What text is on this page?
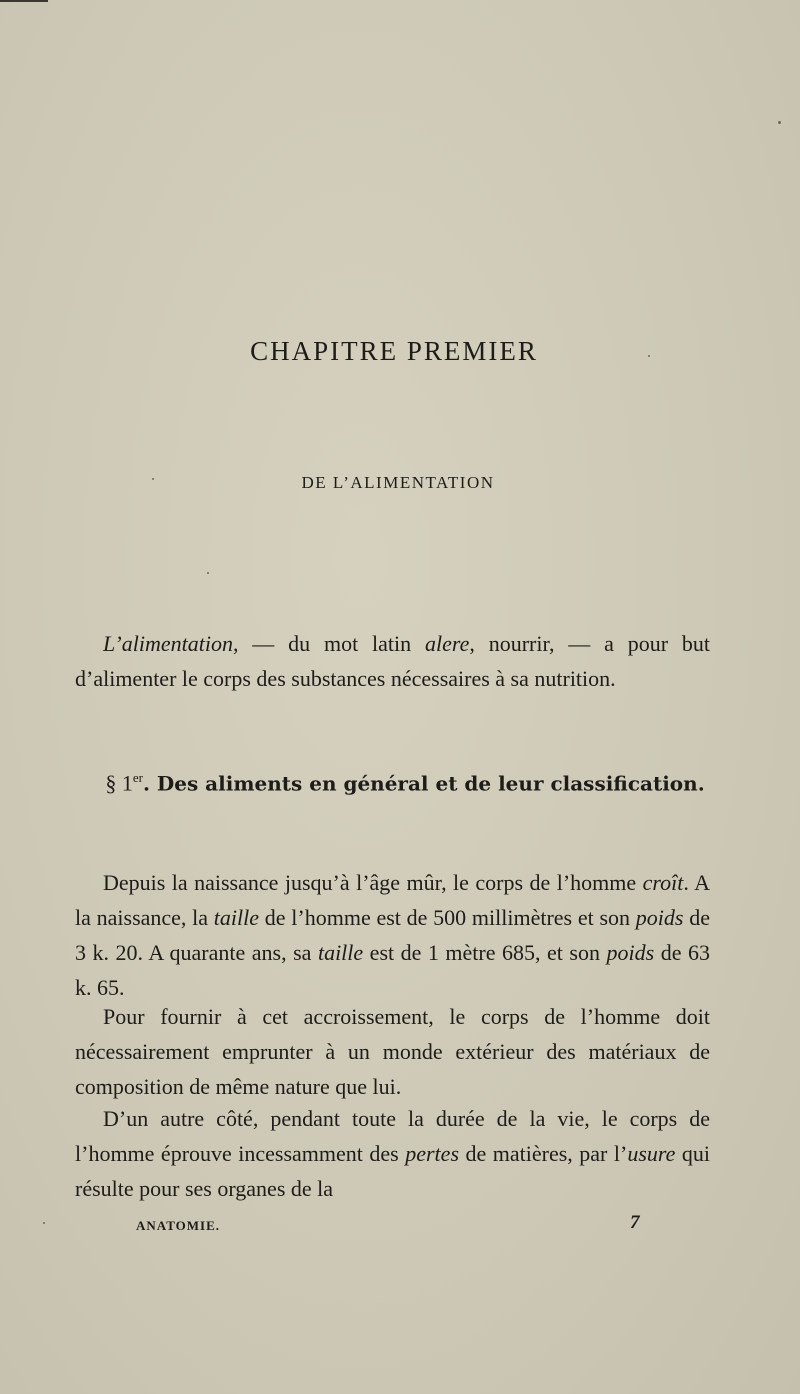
CHAPITRE PREMIER
DE L’ALIMENTATION

L’alimentation, — du mot latin alere, nourrir, — a pour but d’alimenter le corps des substances nécessaires à sa nutrition.

§ 1er. Des aliments en général et de leur classification.

Depuis la naissance jusqu’à l’âge mûr, le corps de l’homme croît. A la naissance, la taille de l’homme est de 500 millimètres et son poids de 3 k. 20. A quarante ans, sa taille est de 1 mètre 685, et son poids de 63 k. 65.

Pour fournir à cet accroissement, le corps de l’homme doit nécessairement emprunter à un monde extérieur des matériaux de composition de même nature que lui.

D’un autre côté, pendant toute la durée de la vie, le corps de l’homme éprouve incessamment des pertes de matières, par l’usure qui résulte pour ses organes de la

ANATOMIE.	7
